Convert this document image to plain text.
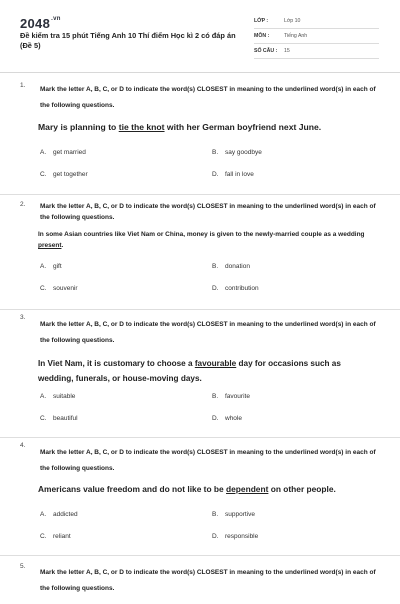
$2048^{.vn}$
Đề kiểm tra 15 phút Tiếng Anh 10 Thí điểm Học kì 2 có đáp án (Đề 5)
LỚP :	Lớp 10
MÔN :	Tiếng Anh
SỐ CÂU :	15
1.
Mark the letter A, B, C, or D to indicate the word(s) CLOSEST in meaning to the underlined word(s) in each of the following questions.
Mary is planning to tie the knot with her German boyfriend next June.
A. get married	B. say goodbye
C. get together	D. fall in love
2. Mark the letter A, B, C, or D to indicate the word(s) CLOSEST in meaning to the underlined word(s) in each of the following questions.
In some Asian countries like Viet Nam or China, money is given to the newly-married couple as a wedding present.
A. gift	B. donation
C. souvenir	D. contribution
3.
Mark the letter A, B, C, or D to indicate the word(s) CLOSEST in meaning to the underlined word(s) in each of the following questions.
In Viet Nam, it is customary to choose a favourable day for occasions such as wedding, funerals, or house-moving days.
A. suitable	B. favourite
C. beautiful	D. whole
4.
Mark the letter A, B, C, or D to indicate the word(s) CLOSEST in meaning to the underlined word(s) in each of the following questions.
Americans value freedom and do not like to be dependent on other people.
A. addicted	B. supportive
C. reliant	D. responsible
5.
Mark the letter A, B, C, or D to indicate the word(s) CLOSEST in meaning to the underlined word(s) in each of the following questions.
